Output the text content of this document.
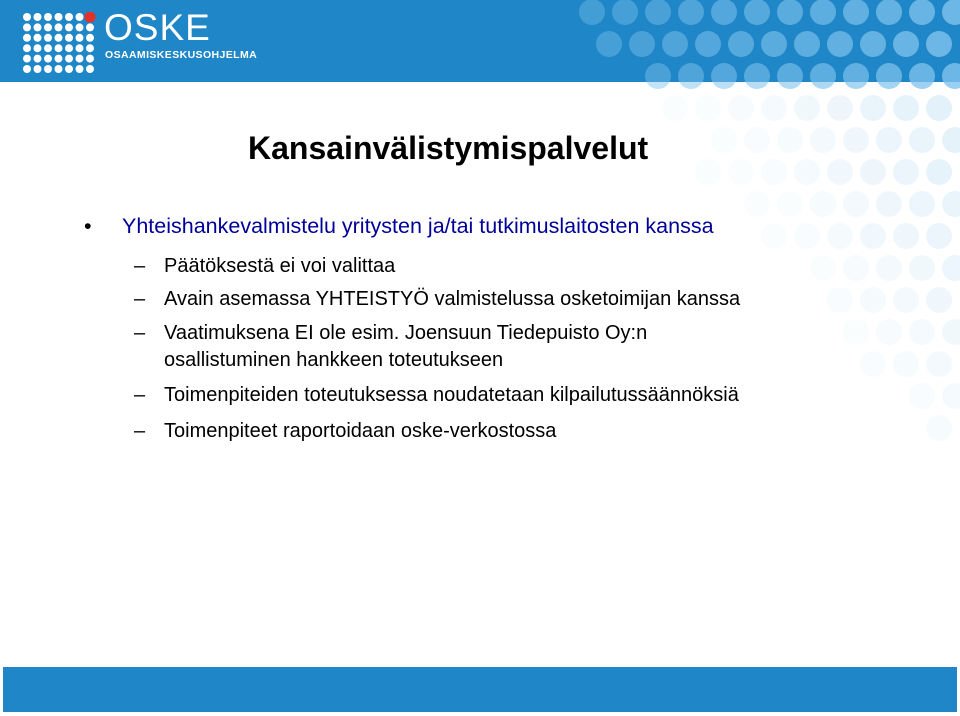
OSKE
OSAAMISKESKUSOHJELMA
Kansainvälistymispalvelut
• Yhteishankevalmistelu yritysten ja/tai tutkimuslaitosten kanssa
– Päätöksestä ei voi valittaa
– Avain asemassa YHTEISTYÖ valmistelussa osketoimijan kanssa
– Vaatimuksena EI ole esim. Joensuun Tiedepuisto Oy:n
osallistuminen hankkeen toteutukseen
– Toimenpiteiden toteutuksessa noudatetaan kilpailutussäännöksiä
– Toimenpiteet raportoidaan oske-verkostossa
